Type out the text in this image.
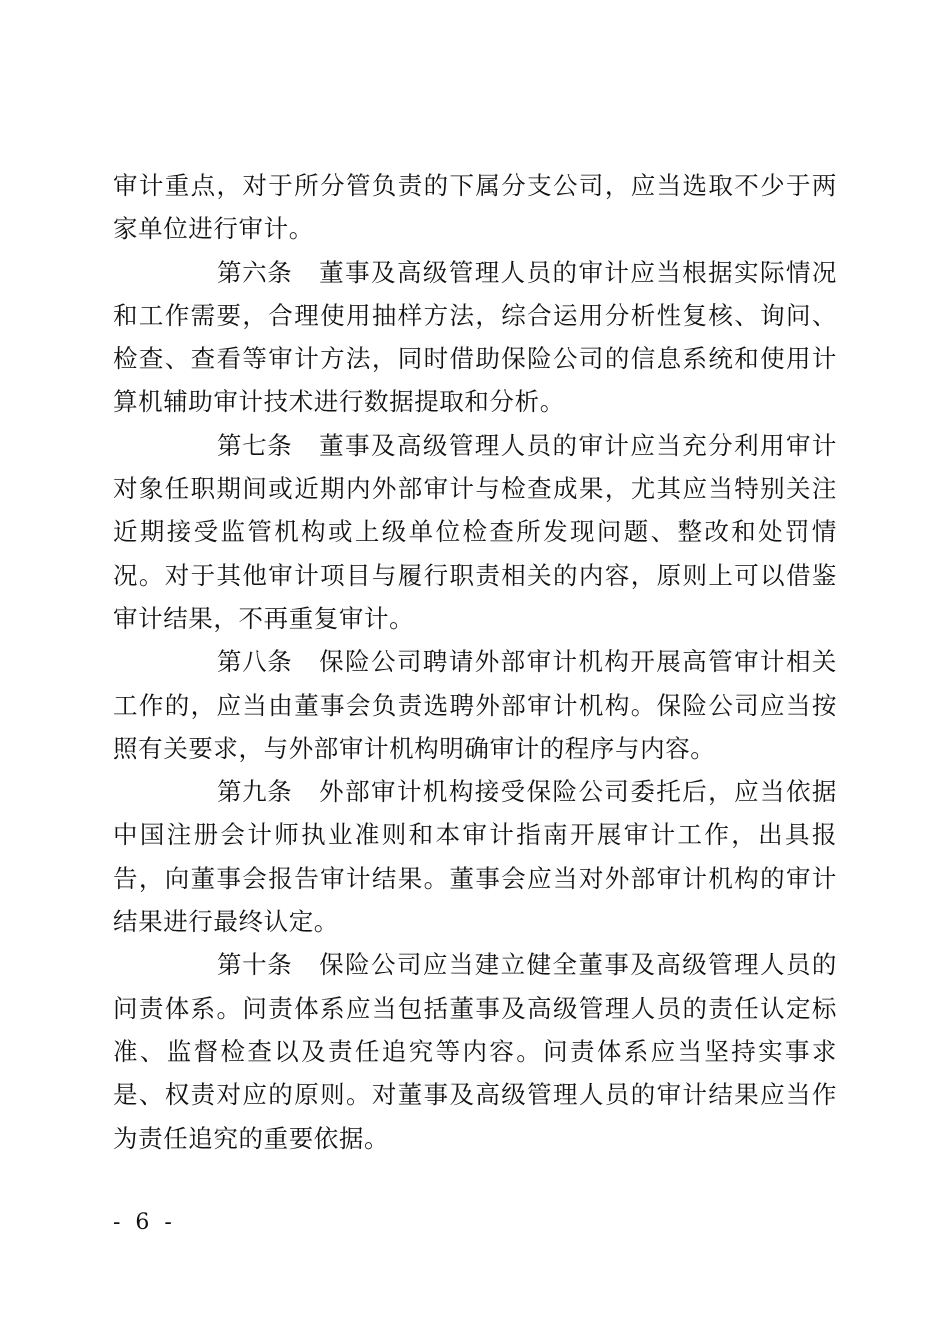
审计重点，对于所分管负责的下属分支公司，应当选取不少于两家单位进行审计。

第六条 董事及高级管理人员的审计应当根据实际情况和工作需要，合理使用抽样方法，综合运用分析性复核、询问、检查、查看等审计方法，同时借助保险公司的信息系统和使用计算机辅助审计技术进行数据提取和分析。

第七条 董事及高级管理人员的审计应当充分利用审计对象任职期间或近期内外部审计与检查成果，尤其应当特别关注近期接受监管机构或上级单位检查所发现问题、整改和处罚情况。对于其他审计项目与履行职责相关的内容，原则上可以借鉴审计结果，不再重复审计。

第八条 保险公司聘请外部审计机构开展高管审计相关工作的，应当由董事会负责选聘外部审计机构。保险公司应当按照有关要求，与外部审计机构明确审计的程序与内容。

第九条 外部审计机构接受保险公司委托后，应当依据中国注册会计师执业准则和本审计指南开展审计工作，出具报告，向董事会报告审计结果。董事会应当对外部审计机构的审计结果进行最终认定。

第十条 保险公司应当建立健全董事及高级管理人员的问责体系。问责体系应当包括董事及高级管理人员的责任认定标准、监督检查以及责任追究等内容。问责体系应当坚持实事求是、权责对应的原则。对董事及高级管理人员的审计结果应当作为责任追究的重要依据。

- 6 -
